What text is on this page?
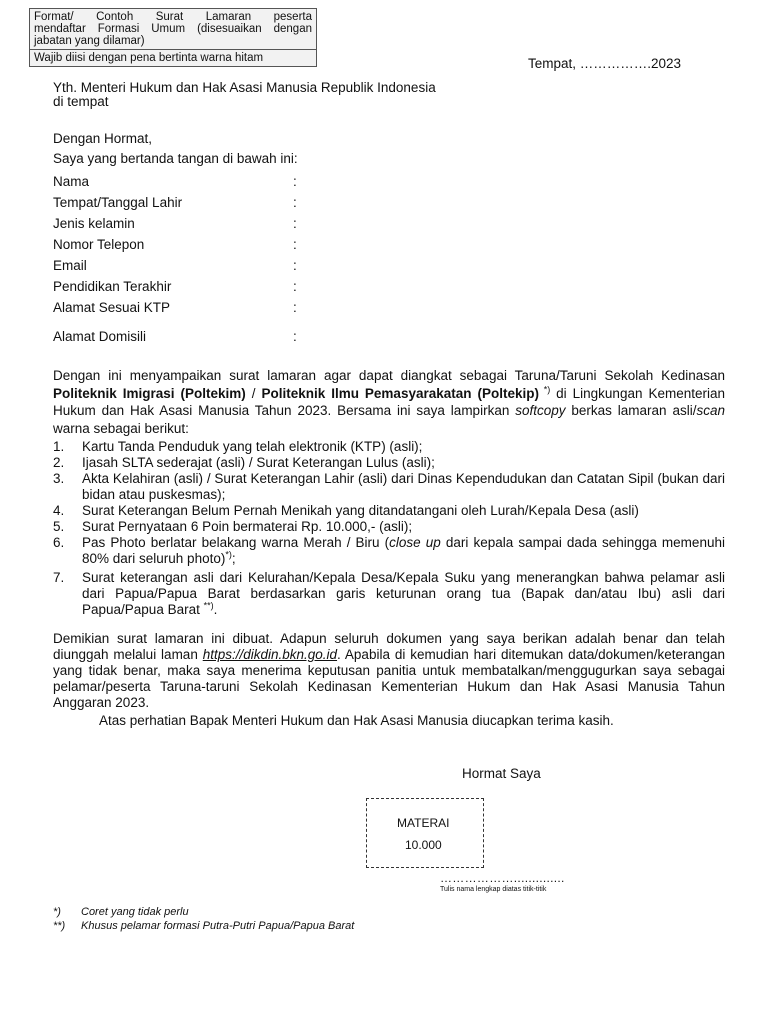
Format/ Contoh Surat Lamaran peserta
mendaftar Formasi Umum (disesuaikan dengan jabatan yang dilamar)
Wajib diisi dengan pena bertinta warna hitam	Tempat, …………….2023
Yth. Menteri Hukum dan Hak Asasi Manusia Republik Indonesia
di tempat
Dengan Hormat,
Saya yang bertanda tangan di bawah ini:
Nama	:
Tempat/Tanggal Lahir	:
Jenis kelamin	:
Nomor Telepon	:
Email	:
Pendidikan Terakhir	:
Alamat Sesuai KTP	:
Alamat Domisili	:
Dengan ini menyampaikan surat lamaran agar dapat diangkat sebagai Taruna/Taruni Sekolah Kedinasan Politeknik Imigrasi (Poltekim) / Politeknik Ilmu Pemasyarakatan (Poltekip) *) di Lingkungan Kementerian Hukum dan Hak Asasi Manusia Tahun 2023. Bersama ini saya lampirkan softcopy berkas lamaran asli/scan warna sebagai berikut:
1. Kartu Tanda Penduduk yang telah elektronik (KTP) (asli);
2. Ijasah SLTA sederajat (asli) / Surat Keterangan Lulus (asli);
3. Akta Kelahiran (asli) / Surat Keterangan Lahir (asli) dari Dinas Kependudukan dan Catatan Sipil (bukan dari bidan atau puskesmas);
4. Surat Keterangan Belum Pernah Menikah yang ditandatangani oleh Lurah/Kepala Desa (asli)
5. Surat Pernyataan 6 Poin bermaterai Rp. 10.000,- (asli);
6. Pas Photo berlatar belakang warna Merah / Biru (close up dari kepala sampai dada sehingga memenuhi 80% dari seluruh photo)*);
7. Surat keterangan asli dari Kelurahan/Kepala Desa/Kepala Suku yang menerangkan bahwa pelamar asli dari Papua/Papua Barat berdasarkan garis keturunan orang tua (Bapak dan/atau Ibu) asli dari Papua/Papua Barat **).
Demikian surat lamaran ini dibuat. Adapun seluruh dokumen yang saya berikan adalah benar dan telah diunggah melalui laman https://dikdin.bkn.go.id. Apabila di kemudian hari ditemukan data/dokumen/keterangan yang tidak benar, maka saya menerima keputusan panitia untuk membatalkan/menggugurkan saya sebagai pelamar/peserta Taruna-taruni Sekolah Kedinasan Kementerian Hukum dan Hak Asasi Manusia Tahun Anggaran 2023.
Atas perhatian Bapak Menteri Hukum dan Hak Asasi Manusia diucapkan terima kasih.
Hormat Saya
MATERAI
10.000
………………..............
Tulis nama lengkap diatas titik-titik
*) Coret yang tidak perlu
**) Khusus pelamar formasi Putra-Putri Papua/Papua Barat
